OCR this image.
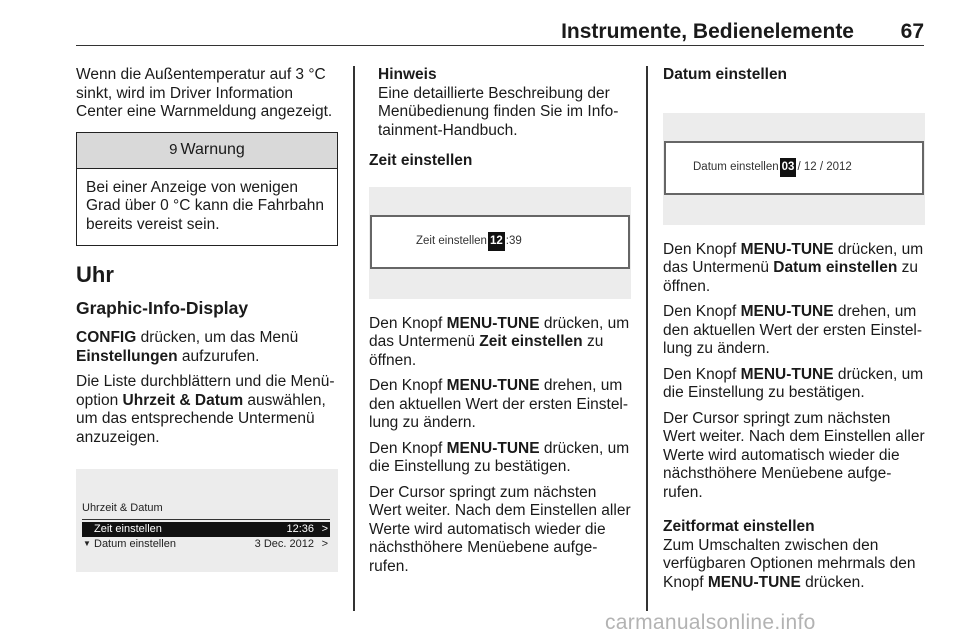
Instrumente, Bedienelemente 67

Wenn die Außentemperatur auf 3 °C sinkt, wird im Driver Information Center eine Warnmeldung angezeigt.

9 Warnung
Bei einer Anzeige von wenigen Grad über 0 °C kann die Fahrbahn bereits vereist sein.
Uhr
Graphic-Info-Display

CONFIG drücken, um das Menü Einstellungen aufzurufen.

Die Liste durchblättern und die Menüoption Uhrzeit & Datum auswählen, um das entsprechende Untermenü anzuzeigen.

Uhrzeit & Datum
Zeit einstellen	12:36 >
▼ Datum einstellen	3 Dec. 2012 >
Hinweis
Eine detaillierte Beschreibung der Menübedienung finden Sie im Infotainment-Handbuch.
Zeit einstellen
Zeit einstellen 12 :39

Den Knopf MENU-TUNE drücken, um das Untermenü Zeit einstellen zu öffnen.

Den Knopf MENU-TUNE drehen, um den aktuellen Wert der ersten Einstellung zu ändern.

Den Knopf MENU-TUNE drücken, um die Einstellung zu bestätigen.

Der Cursor springt zum nächsten Wert weiter. Nach dem Einstellen aller Werte wird automatisch wieder die nächsthöhere Menüebene aufgerufen.

Datum einstellen
Datum einstellen 03 / 12 / 2012

Den Knopf MENU-TUNE drücken, um das Untermenü Datum einstellen zu öffnen.

Den Knopf MENU-TUNE drehen, um den aktuellen Wert der ersten Einstellung zu ändern.

Den Knopf MENU-TUNE drücken, um die Einstellung zu bestätigen.

Der Cursor springt zum nächsten Wert weiter. Nach dem Einstellen aller Werte wird automatisch wieder die nächsthöhere Menüebene aufgerufen.

Zeitformat einstellen

Zum Umschalten zwischen den verfügbaren Optionen mehrmals den Knopf MENU-TUNE drücken.

carmanualsonline.info
